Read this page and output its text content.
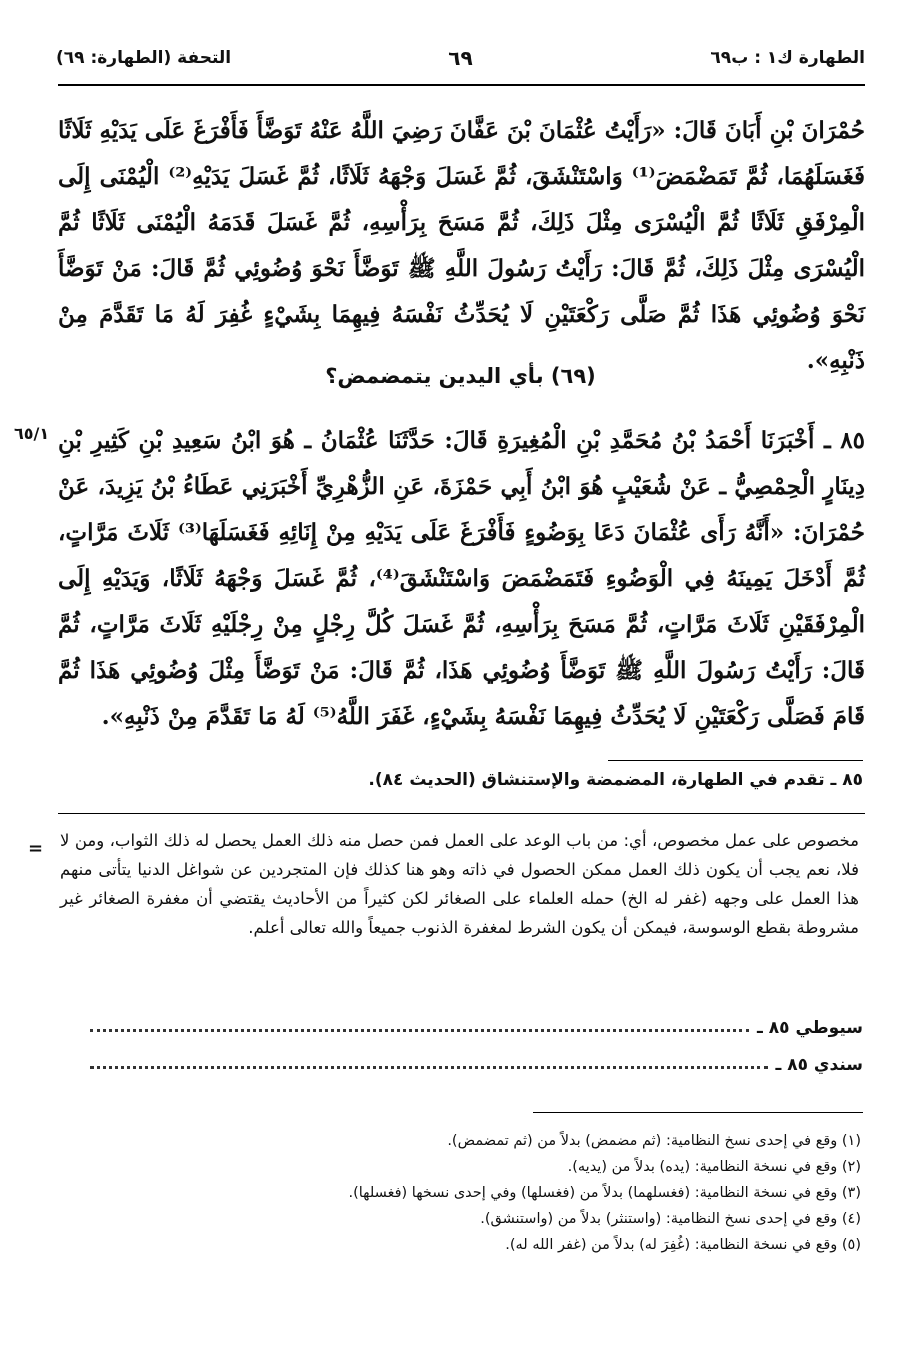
الطهارة ك١ : ب٦٩
٦٩
التحفة (الطهارة: ٦٩)

حُمْرَانَ بْنِ أَبَانَ قَالَ: «رَأَيْتُ عُثْمَانَ بْنَ عَفَّانَ رَضِيَ اللَّهُ عَنْهُ تَوَضَّأَ فَأَفْرَغَ عَلَى يَدَيْهِ ثَلَاثًا فَغَسَلَهُمَا، ثُمَّ تَمَضْمَضَ⁽¹⁾ وَاسْتَنْشَقَ، ثُمَّ غَسَلَ وَجْهَهُ ثَلَاثًا، ثُمَّ غَسَلَ يَدَيْهِ⁽²⁾ الْيُمْنَى إِلَى الْمِرْفَقِ ثَلَاثًا ثُمَّ الْيُسْرَى مِثْلَ ذَلِكَ، ثُمَّ مَسَحَ بِرَأْسِهِ، ثُمَّ غَسَلَ قَدَمَهُ الْيُمْنَى ثَلَاثًا ثُمَّ الْيُسْرَى مِثْلَ ذَلِكَ، ثُمَّ قَالَ: رَأَيْتُ رَسُولَ اللَّهِ ﷺ تَوَضَّأَ نَحْوَ وُضُوئِي ثُمَّ قَالَ: مَنْ تَوَضَّأَ نَحْوَ وُضُوئِي هَذَا ثُمَّ صَلَّى رَكْعَتَيْنِ لَا يُحَدِّثُ نَفْسَهُ فِيهِمَا بِشَيْءٍ غُفِرَ لَهُ مَا تَقَدَّمَ مِنْ ذَنْبِهِ».

(٦٩) بأي اليدين يتمضمض؟
٦٥/١ ٨٥ ـ أَخْبَرَنَا أَحْمَدُ بْنُ مُحَمَّدِ بْنِ الْمُغِيرَةِ قَالَ: حَدَّثَنَا عُثْمَانُ ـ هُوَ ابْنُ سَعِيدِ بْنِ كَثِيرِ بْنِ دِينَارٍ الْحِمْصِيُّ ـ عَنْ شُعَيْبٍ هُوَ ابْنُ أَبِي حَمْزَةَ، عَنِ الزُّهْرِيِّ أَخْبَرَنِي عَطَاءُ بْنُ يَزِيدَ، عَنْ حُمْرَانَ: «أَنَّهُ رَأَى عُثْمَانَ دَعَا بِوَضُوءٍ فَأَفْرَغَ عَلَى يَدَيْهِ مِنْ إِنَائِهِ فَغَسَلَهَا⁽³⁾ ثَلَاثَ مَرَّاتٍ، ثُمَّ أَدْخَلَ يَمِينَهُ فِي الْوَضُوءِ فَتَمَضْمَضَ وَاسْتَنْشَقَ⁽⁴⁾، ثُمَّ غَسَلَ وَجْهَهُ ثَلَاثًا، وَيَدَيْهِ إِلَى الْمِرْفَقَيْنِ ثَلَاثَ مَرَّاتٍ، ثُمَّ مَسَحَ بِرَأْسِهِ، ثُمَّ غَسَلَ كُلَّ رِجْلٍ مِنْ رِجْلَيْهِ ثَلَاثَ مَرَّاتٍ، ثُمَّ قَالَ: رَأَيْتُ رَسُولَ اللَّهِ ﷺ تَوَضَّأَ وُضُوئِي هَذَا، ثُمَّ قَالَ: مَنْ تَوَضَّأَ مِثْلَ وُضُوئِي هَذَا ثُمَّ قَامَ فَصَلَّى رَكْعَتَيْنِ لَا يُحَدِّثُ فِيهِمَا نَفْسَهُ بِشَيْءٍ، غَفَرَ اللَّهُ⁽⁵⁾ لَهُ مَا تَقَدَّمَ مِنْ ذَنْبِهِ».

٨٥ ـ تقدم في الطهارة، المضمضة والإستنشاق (الحديث ٨٤).
= مخصوص على عمل مخصوص، أي: من باب الوعد على العمل فمن حصل منه ذلك العمل يحصل له ذلك الثواب، ومن لا فلا، نعم يجب أن يكون ذلك العمل ممكن الحصول في ذاته وهو هنا كذلك فإن المتجردين عن شواغل الدنيا يتأتى منهم هذا العمل على وجهه (غفر له الخ) حمله العلماء على الصغائر لكن كثيراً من الأحاديث يقتضي أن مغفرة الصغائر غير مشروطة بقطع الوسوسة، فيمكن أن يكون الشرط لمغفرة الذنوب جميعاً والله تعالى أعلم.

سيوطي ٨٥ ـ
سندي ٨٥ ـ
(١) وقع في إحدى نسخ النظامية: (ثم مضمض) بدلاً من (ثم تمضمض).
(٢) وقع في نسخة النظامية: (يده) بدلاً من (يديه).
(٣) وقع في نسخة النظامية: (فغسلهما) بدلاً من (فغسلها) وفي إحدى نسخها (فغسلها).
(٤) وقع في إحدى نسخ النظامية: (واستنثر) بدلاً من (واستنشق).
(٥) وقع في نسخة النظامية: (غُفِرَ له) بدلاً من (غفر الله له).
